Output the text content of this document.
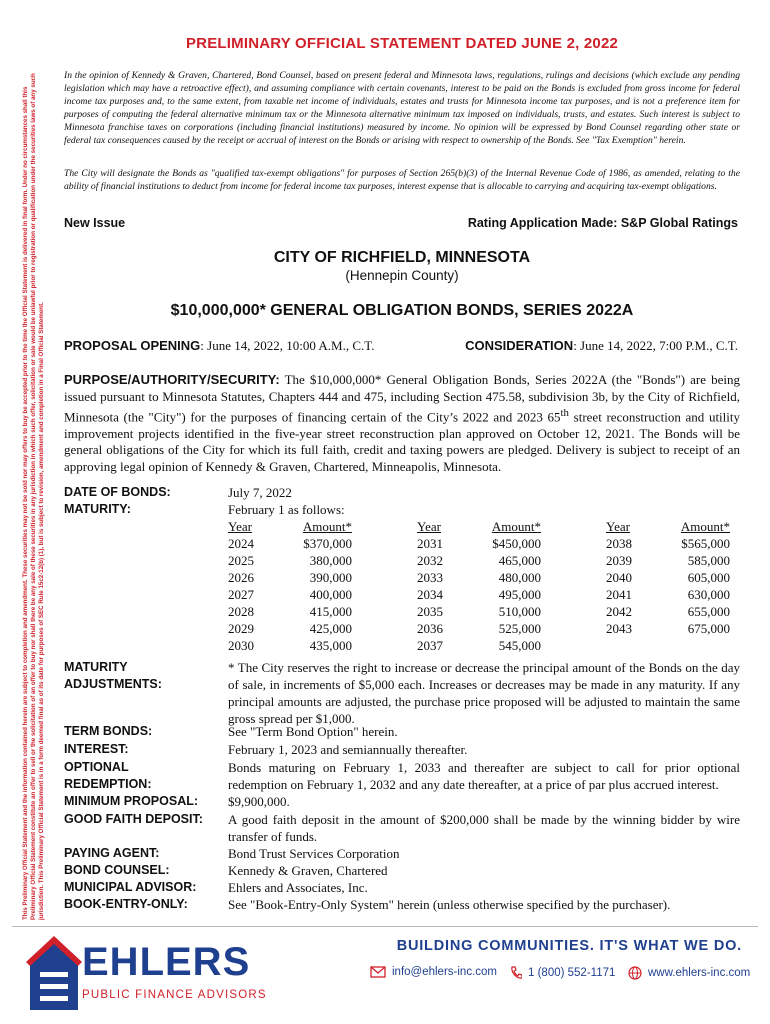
This Preliminary Official Statement and the information contained herein are subject to completion and amendment. These securities may not be sold nor may offers to buy be accepted prior to the time the Official Statement is delivered in final form. Under no circumstances shall this Preliminary Official Statement constitute an offer to sell or the solicitation of an offer to buy nor shall there be any sale of these securities in any jurisdiction in which such offer, solicitation or sale would be unlawful prior to registration or qualification under the securities laws of any such jurisdiction. This Preliminary Official Statement is in a form deemed final as of its date for purposes of SEC Rule 15c2-12(b) (1), but is subject to revision, amendment and completion in a Final Official Statement.
PRELIMINARY OFFICIAL STATEMENT DATED JUNE 2, 2022

In the opinion of Kennedy & Graven, Chartered, Bond Counsel, based on present federal and Minnesota laws, regulations, rulings and decisions (which exclude any pending legislation which may have a retroactive effect), and assuming compliance with certain covenants, interest to be paid on the Bonds is excluded from gross income for federal income tax purposes and, to the same extent, from taxable net income of individuals, estates and trusts for Minnesota income tax purposes, and is not a preference item for purposes of computing the federal alternative minimum tax or the Minnesota alternative minimum tax imposed on individuals, trusts, and estates. Such interest is subject to Minnesota franchise taxes on corporations (including financial institutions) measured by income. No opinion will be expressed by Bond Counsel regarding other state or federal tax consequences caused by the receipt or accrual of interest on the Bonds or arising with respect to ownership of the Bonds. See "Tax Exemption" herein.

The City will designate the Bonds as "qualified tax-exempt obligations" for purposes of Section 265(b)(3) of the Internal Revenue Code of 1986, as amended, relating to the ability of financial institutions to deduct from income for federal income tax purposes, interest expense that is allocable to carrying and acquiring tax-exempt obligations.

New Issue	Rating Application Made: S&P Global Ratings
CITY OF RICHFIELD, MINNESOTA
(Hennepin County)
$10,000,000* GENERAL OBLIGATION BONDS, SERIES 2022A
PROPOSAL OPENING: June 14, 2022, 10:00 A.M., C.T.	CONSIDERATION: June 14, 2022, 7:00 P.M., C.T.

PURPOSE/AUTHORITY/SECURITY: The $10,000,000* General Obligation Bonds, Series 2022A (the "Bonds") are being issued pursuant to Minnesota Statutes, Chapters 444 and 475, including Section 475.58, subdivision 3b, by the City of Richfield, Minnesota (the "City") for the purposes of financing certain of the City’s 2022 and 2023 65th street reconstruction and utility improvement projects identified in the five-year street reconstruction plan approved on October 12, 2021. The Bonds will be general obligations of the City for which its full faith, credit and taxing powers are pledged. Delivery is subject to receipt of an approving legal opinion of Kennedy & Graven, Chartered, Minneapolis, Minnesota.

DATE OF BONDS:	July 7, 2022
MATURITY:	February 1 as follows:
Year	Amount*	Year	Amount*	Year	Amount*
2024	$370,000	2031	$450,000	2038	$565,000
2025	380,000	2032	465,000	2039	585,000
2026	390,000	2033	480,000	2040	605,000
2027	400,000	2034	495,000	2041	630,000
2028	415,000	2035	510,000	2042	655,000
2029	425,000	2036	525,000	2043	675,000
2030	435,000	2037	545,000
MATURITY
ADJUSTMENTS:

* The City reserves the right to increase or decrease the principal amount of the Bonds on the day of sale, in increments of $5,000 each. Increases or decreases may be made in any maturity. If any principal amounts are adjusted, the purchase price proposed will be adjusted to maintain the same gross spread per $1,000.

TERM BONDS:	See "Term Bond Option" herein.
INTEREST:	February 1, 2023 and semiannually thereafter.
OPTIONAL
REDEMPTION:

Bonds maturing on February 1, 2033 and thereafter are subject to call for prior optional redemption on February 1, 2032 and any date thereafter, at a price of par plus accrued interest.

MINIMUM PROPOSAL: $9,900,000.
GOOD FAITH DEPOSIT: A good faith deposit in the amount of $200,000 shall be made by the winning bidder by wire transfer of funds.

PAYING AGENT:	Bond Trust Services Corporation
BOND COUNSEL:	Kennedy & Graven, Chartered
MUNICIPAL ADVISOR: Ehlers and Associates, Inc.
BOOK-ENTRY-ONLY:	See "Book-Entry-Only System" herein (unless otherwise specified by the purchaser).
EHLERS
PUBLIC FINANCE ADVISORS
BUILDING COMMUNITIES. IT'S WHAT WE DO.
info@ehlers-inc.com	1 (800) 552-1171	www.ehlers-inc.com
